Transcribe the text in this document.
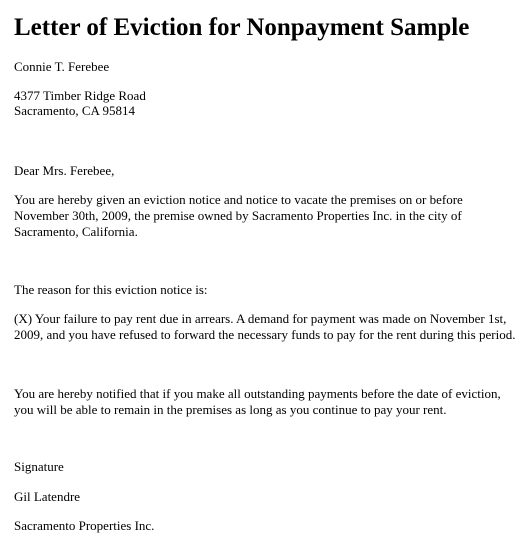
Letter of Eviction for Nonpayment Sample
Connie T. Ferebee
4377 Timber Ridge Road
Sacramento, CA 95814
Dear Mrs. Ferebee,
You are hereby given an eviction notice and notice to vacate the premises on or before
November 30th, 2009, the premise owned by Sacramento Properties Inc. in the city of
Sacramento, California.
The reason for this eviction notice is:
(X) Your failure to pay rent due in arrears. A demand for payment was made on November 1st,
2009, and you have refused to forward the necessary funds to pay for the rent during this period.
You are hereby notified that if you make all outstanding payments before the date of eviction,
you will be able to remain in the premises as long as you continue to pay your rent.
Signature
Gil Latendre
Sacramento Properties Inc.
